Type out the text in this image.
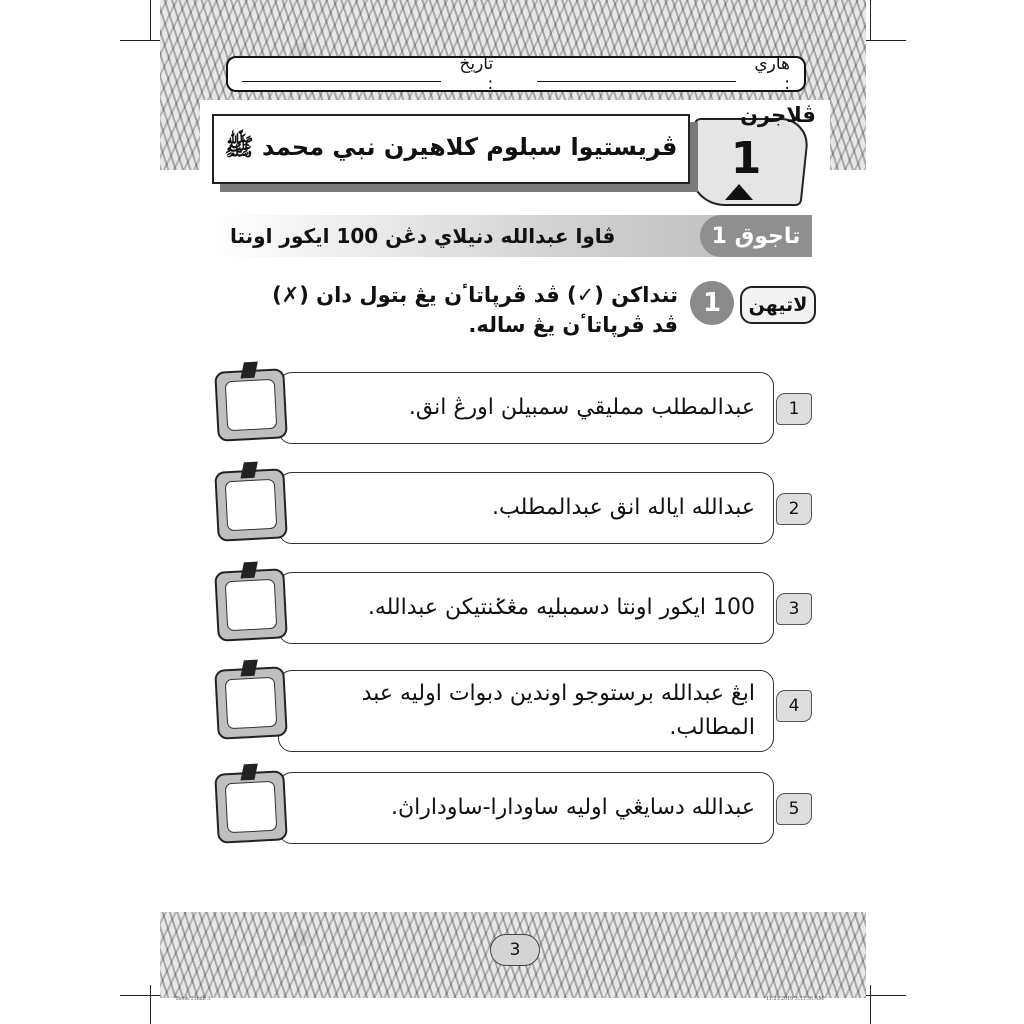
هاري :
تاريخ :
ڤلاجرن
1
ڤريستيوا سبلوم كلاهيرن نبي محمد ﷺ
تاجوق 1
ڤاوا عبدالله دنيلاي دڠن 100 ايكور اونتا
لاتيهن
1
تنداكن (✓) ڤد ڤرڽاتاٴن يڠ بتول دان (✗) ڤد ڤرڽاتاٴن يڠ ساله.
عبدالمطلب ممليقي سمبيلن اورڠ انق.	1
عبدالله اياله انق عبدالمطلب.	2
100 ايكور اونتا دسمبليه مڠݢنتيكن عبدالله.	3
ابڠ عبدالله برستوجو اوندين دبوات اوليه عبد المطالب.
4
عبدالله دسايڠي اوليه ساودارا-ساوداراڽ.	5
3
Book 1.indb 3	11/21/2019 3:33:36 AM
